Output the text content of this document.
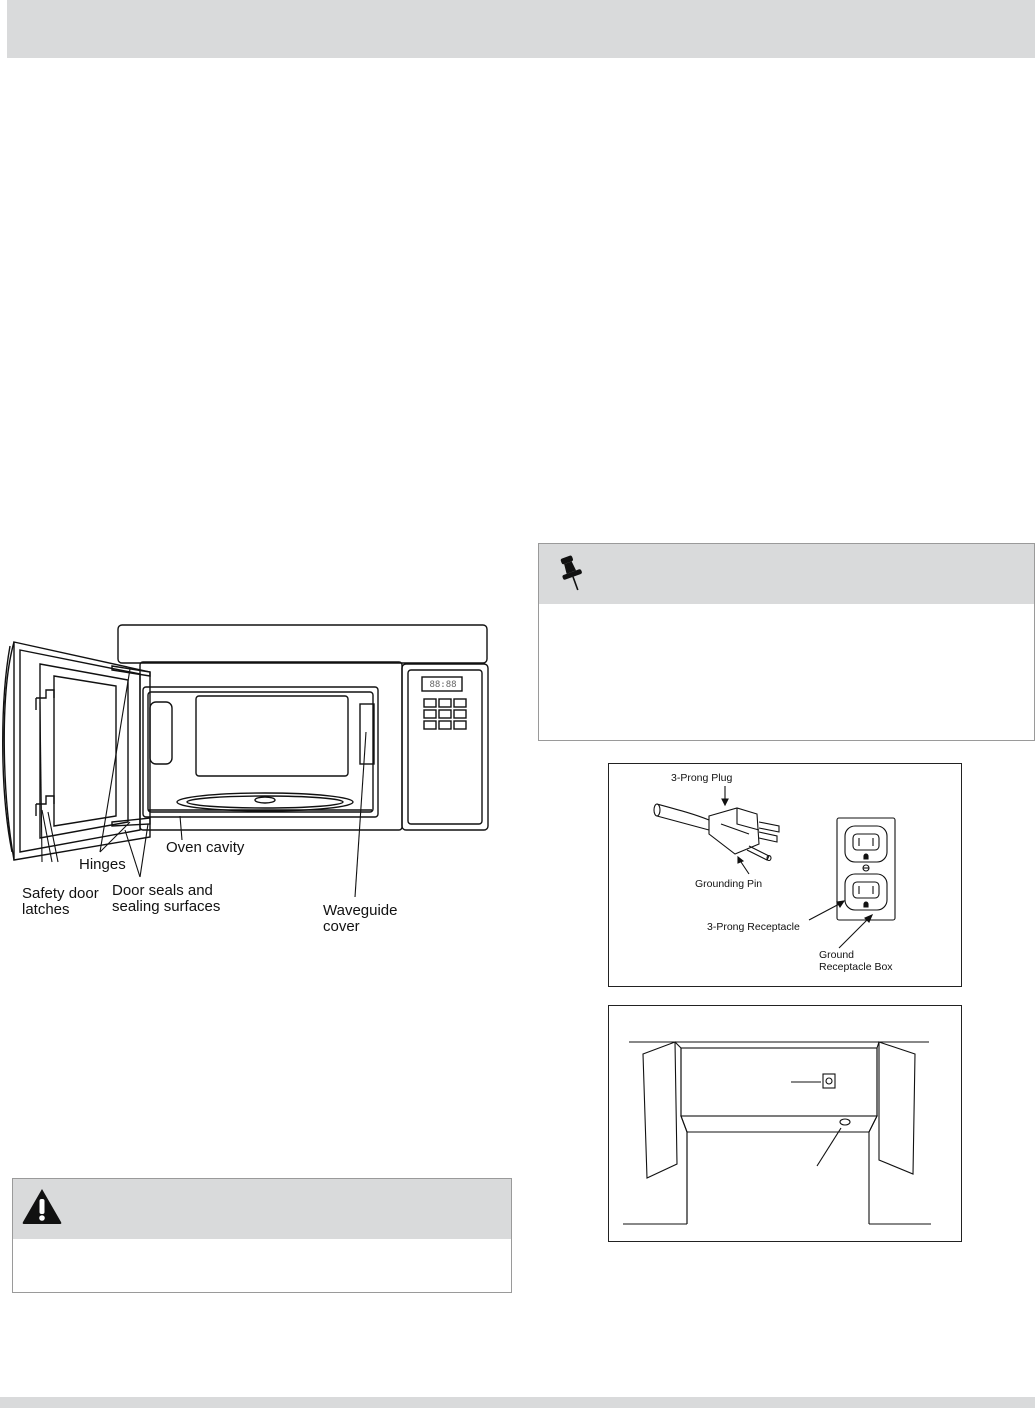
Oven cavity
Hinges
Safety door
latches
Door seals and
sealing surfaces	Waveguide
cover
88:88
3-Prong Plug
Grounding Pin
3-Prong Receptacle
Ground
Receptacle Box
